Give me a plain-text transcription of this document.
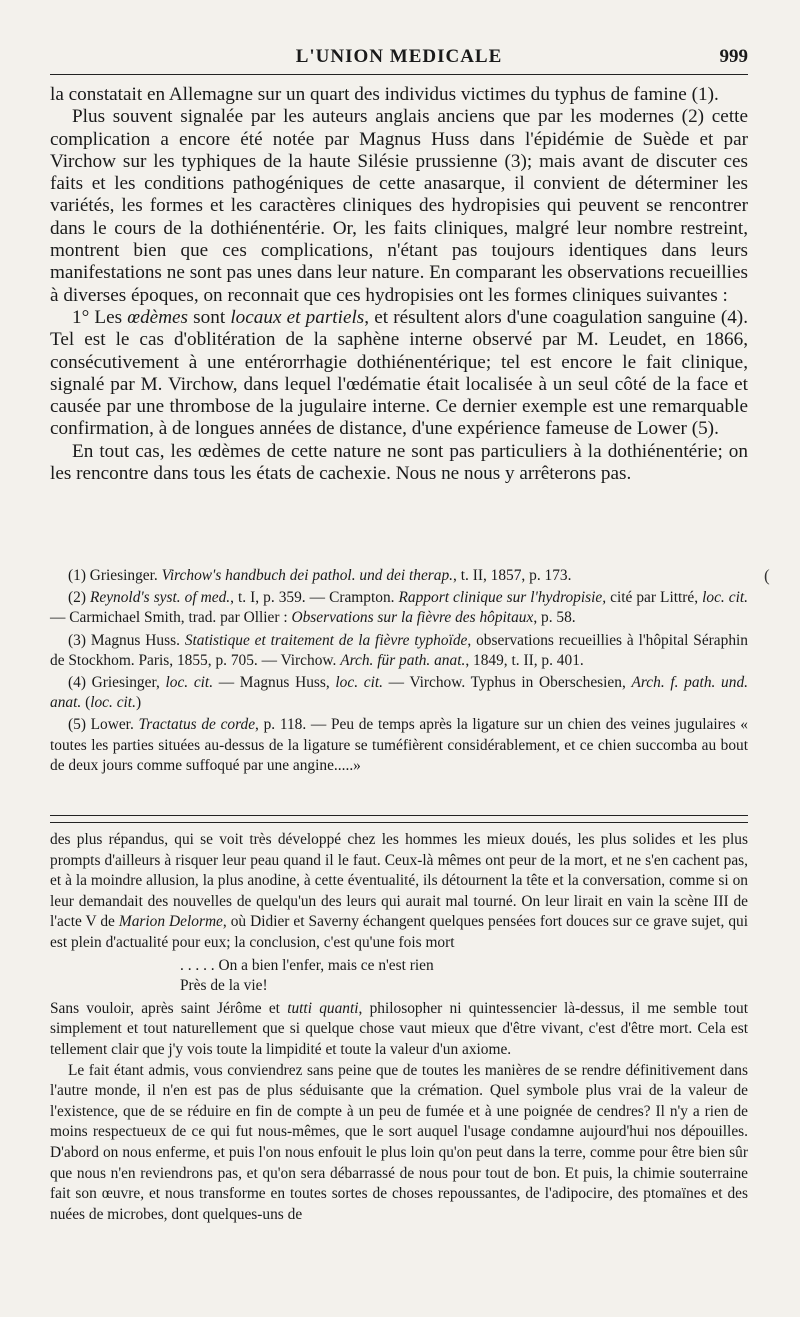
L'UNION MEDICALE	999

la constatait en Allemagne sur un quart des individus victimes du typhus de famine (1).

Plus souvent signalée par les auteurs anglais anciens que par les modernes (2) cette complication a encore été notée par Magnus Huss dans l'épidémie de Suède et par Virchow sur les typhiques de la haute Silésie prussienne (3); mais avant de discuter ces faits et les conditions pathogéniques de cette anasarque, il convient de déterminer les variétés, les formes et les caractères cliniques des hydropisies qui peuvent se rencontrer dans le cours de la dothiénentérie. Or, les faits cliniques, malgré leur nombre restreint, montrent bien que ces complications, n'étant pas toujours identiques dans leurs manifestations ne sont pas unes dans leur nature. En comparant les observations recueillies à diverses époques, on reconnait que ces hydropisies ont les formes cliniques suivantes :

1° Les œdèmes sont locaux et partiels, et résultent alors d'une coagulation sanguine (4). Tel est le cas d'oblitération de la saphène interne observé par M. Leudet, en 1866, consécutivement à une entérorrhagie dothiénentérique; tel est encore le fait clinique, signalé par M. Virchow, dans lequel l'œdématie était localisée à un seul côté de la face et causée par une thrombose de la jugulaire interne. Ce dernier exemple est une remarquable confirmation, à de longues années de distance, d'une expérience fameuse de Lower (5).

En tout cas, les œdèmes de cette nature ne sont pas particuliers à la dothiénentérie; on les rencontre dans tous les états de cachexie. Nous ne nous y arrêterons pas.

(

(1) Griesinger. Virchow's handbuch dei pathol. und dei therap., t. II, 1857, p. 173.

(2) Reynold's syst. of med., t. I, p. 359. — Crampton. Rapport clinique sur l'hydropisie, cité par Littré, loc. cit. — Carmichael Smith, trad. par Ollier : Observations sur la fièvre des hôpitaux, p. 58.

(3) Magnus Huss. Statistique et traitement de la fièvre typhoïde, observations recueillies à l'hôpital Séraphin de Stockhom. Paris, 1855, p. 705. — Virchow. Arch. für path. anat., 1849, t. II, p. 401.

(4) Griesinger, loc. cit. — Magnus Huss, loc. cit. — Virchow. Typhus in Oberschesien, Arch. f. path. und. anat. (loc. cit.)

(5) Lower. Tractatus de corde, p. 118. — Peu de temps après la ligature sur un chien des veines jugulaires « toutes les parties situées au-dessus de la ligature se tuméfièrent considérablement, et ce chien succomba au bout de deux jours comme suffoqué par une angine.....»

des plus répandus, qui se voit très développé chez les hommes les mieux doués, les plus solides et les plus prompts d'ailleurs à risquer leur peau quand il le faut. Ceux-là mêmes ont peur de la mort, et ne s'en cachent pas, et à la moindre allusion, la plus anodine, à cette éventualité, ils détournent la tête et la conversation, comme si on leur demandait des nouvelles de quelqu'un des leurs qui aurait mal tourné. On leur lirait en vain la scène III de l'acte V de Marion Delorme, où Didier et Saverny échangent quelques pensées fort douces sur ce grave sujet, qui est plein d'actualité pour eux; la conclusion, c'est qu'une fois mort

. . . . . On a bien l'enfer, mais ce n'est rien
Près de la vie!

Sans vouloir, après saint Jérôme et tutti quanti, philosopher ni quintessencier là-dessus, il me semble tout simplement et tout naturellement que si quelque chose vaut mieux que d'être vivant, c'est d'être mort. Cela est tellement clair que j'y vois toute la limpidité et toute la valeur d'un axiome.

Le fait étant admis, vous conviendrez sans peine que de toutes les manières de se rendre définitivement dans l'autre monde, il n'en est pas de plus séduisante que la crémation. Quel symbole plus vrai de la valeur de l'existence, que de se réduire en fin de compte à un peu de fumée et à une poignée de cendres? Il n'y a rien de moins respectueux de ce qui fut nous-mêmes, que le sort auquel l'usage condamne aujourd'hui nos dépouilles. D'abord on nous enferme, et puis l'on nous enfouit le plus loin qu'on peut dans la terre, comme pour être bien sûr que nous n'en reviendrons pas, et qu'on sera débarrassé de nous pour tout de bon. Et puis, la chimie souterraine fait son œuvre, et nous transforme en toutes sortes de choses repoussantes, de l'adipocire, des ptomaïnes et des nuées de microbes, dont quelques-uns de
